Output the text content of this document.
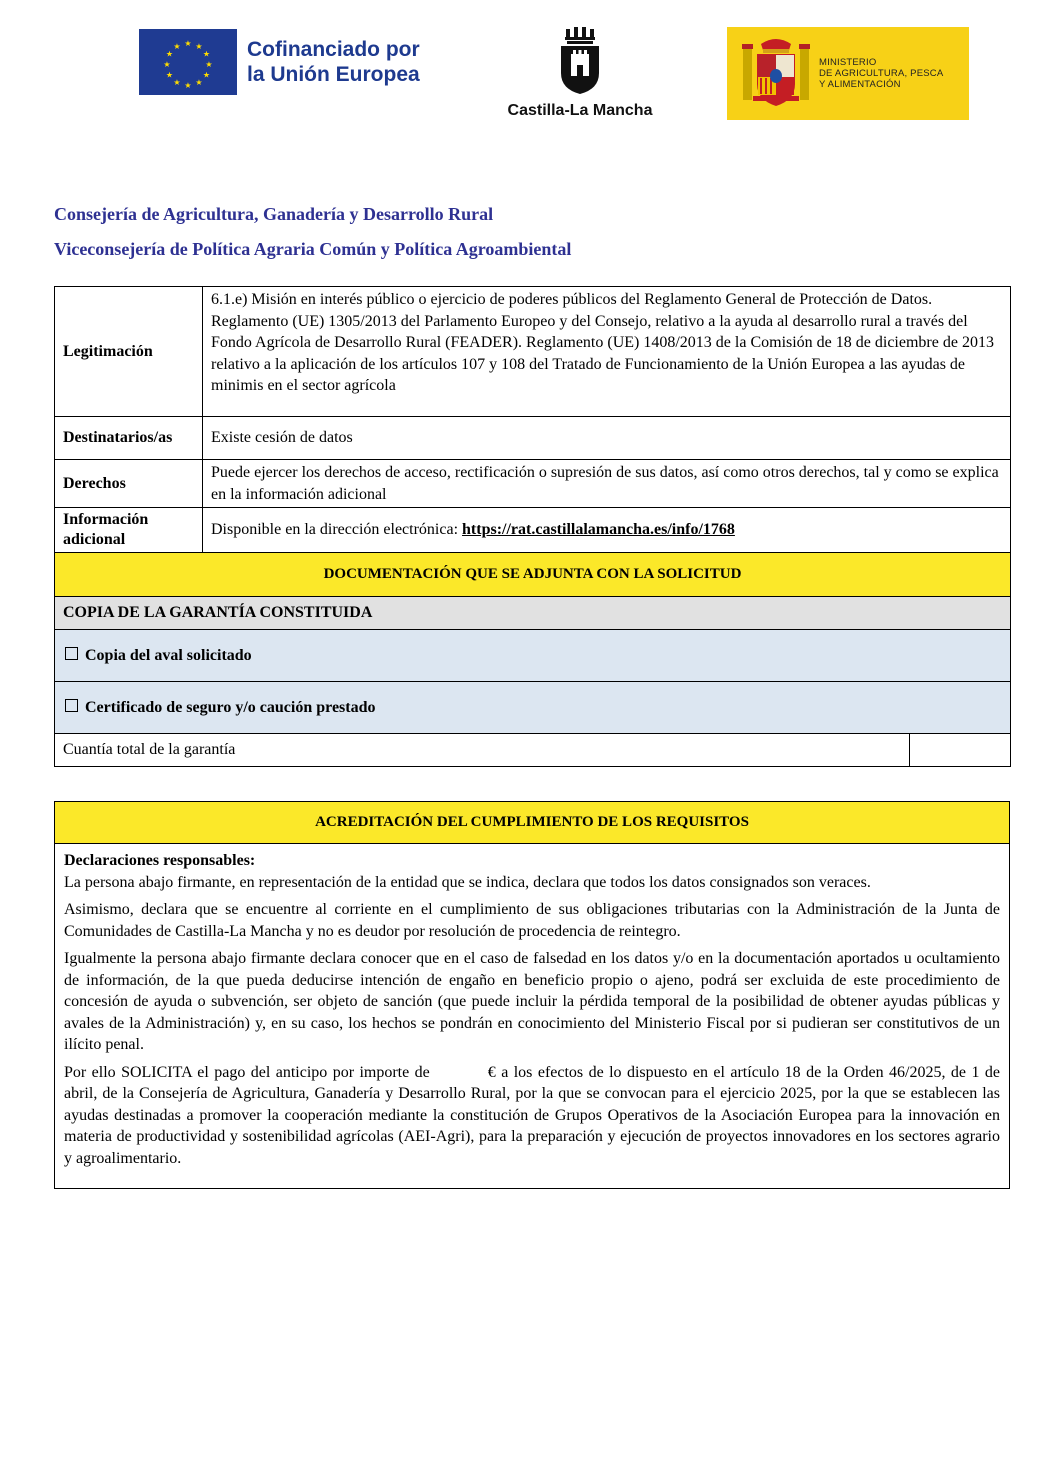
★ ★
★
★
★
★
★
★
★
★
★
★	Cofinanciado por
la Unión Europea
Castilla-La Mancha
MINISTERIO
DE AGRICULTURA, PESCA
Y ALIMENTACIÓN
Consejería de Agricultura, Ganadería y Desarrollo Rural
Viceconsejería de Política Agraria Común y Política Agroambiental
Legitimación	6.1.e) Misión en interés público o ejercicio de poderes públicos del Reglamento General de Protección de Datos.
Reglamento (UE) 1305/2013 del Parlamento Europeo y del Consejo, relativo a la ayuda al desarrollo rural a través del Fondo Agrícola de Desarrollo Rural (FEADER). Reglamento (UE) 1408/2013 de la Comisión de 18 de diciembre de 2013 relativo a la aplicación de los artículos 107 y 108 del Tratado de Funcionamiento de la Unión Europea a las ayudas de minimis en el sector agrícola	

Destinatarios/as	Existe cesión de datos	
Derechos	Puede ejercer los derechos de acceso, rectificación o supresión de sus datos, así como otros derechos, tal y como se explica en la información adicional	

Información
adicional	Disponible en la dirección electrónica: https://rat.castillalamancha.es/info/1768	
DOCUMENTACIÓN QUE SE ADJUNTA CON LA SOLICITUD		
COPIA DE LA GARANTÍA CONSTITUIDA		
Copia del aval solicitado		
Certificado de seguro y/o caución prestado		
Cuantía total de la garantía		
ACREDITACIÓN DEL CUMPLIMIENTO DE LOS REQUISITOS

Declaraciones responsables:

La persona abajo firmante, en representación de la entidad que se indica, declara que todos los datos consignados son veraces.

Asimismo, declara que se encuentre al corriente en el cumplimiento de sus obligaciones tributarias con la Administración de la Junta de Comunidades de Castilla-La Mancha y no es deudor por resolución de procedencia de reintegro.

Igualmente la persona abajo firmante declara conocer que en el caso de falsedad en los datos y/o en la documentación aportados u ocultamiento de información, de la que pueda deducirse intención de engaño en beneficio propio o ajeno, podrá ser excluida de este procedimiento de concesión de ayuda o subvención, ser objeto de sanción (que puede incluir la pérdida temporal de la posibilidad de obtener ayudas públicas y avales de la Administración) y, en su caso, los hechos se pondrán en conocimiento del Ministerio Fiscal por si pudieran ser constitutivos de un ilícito penal.

Por ello SOLICITA el pago del anticipo por importe de	€ a los efectos de lo dispuesto en el artículo 18 de la Orden 46/2025, de 1 de abril, de la Consejería de Agricultura, Ganadería y Desarrollo Rural, por la que se convocan para el ejercicio 2025, por la que se establecen las ayudas destinadas a promover la cooperación mediante la constitución de Grupos Operativos de la Asociación Europea para la innovación en materia de productividad y sostenibilidad agrícolas (AEI-Agri), para la preparación y ejecución de proyectos innovadores en los sectores agrario y agroalimentario.
